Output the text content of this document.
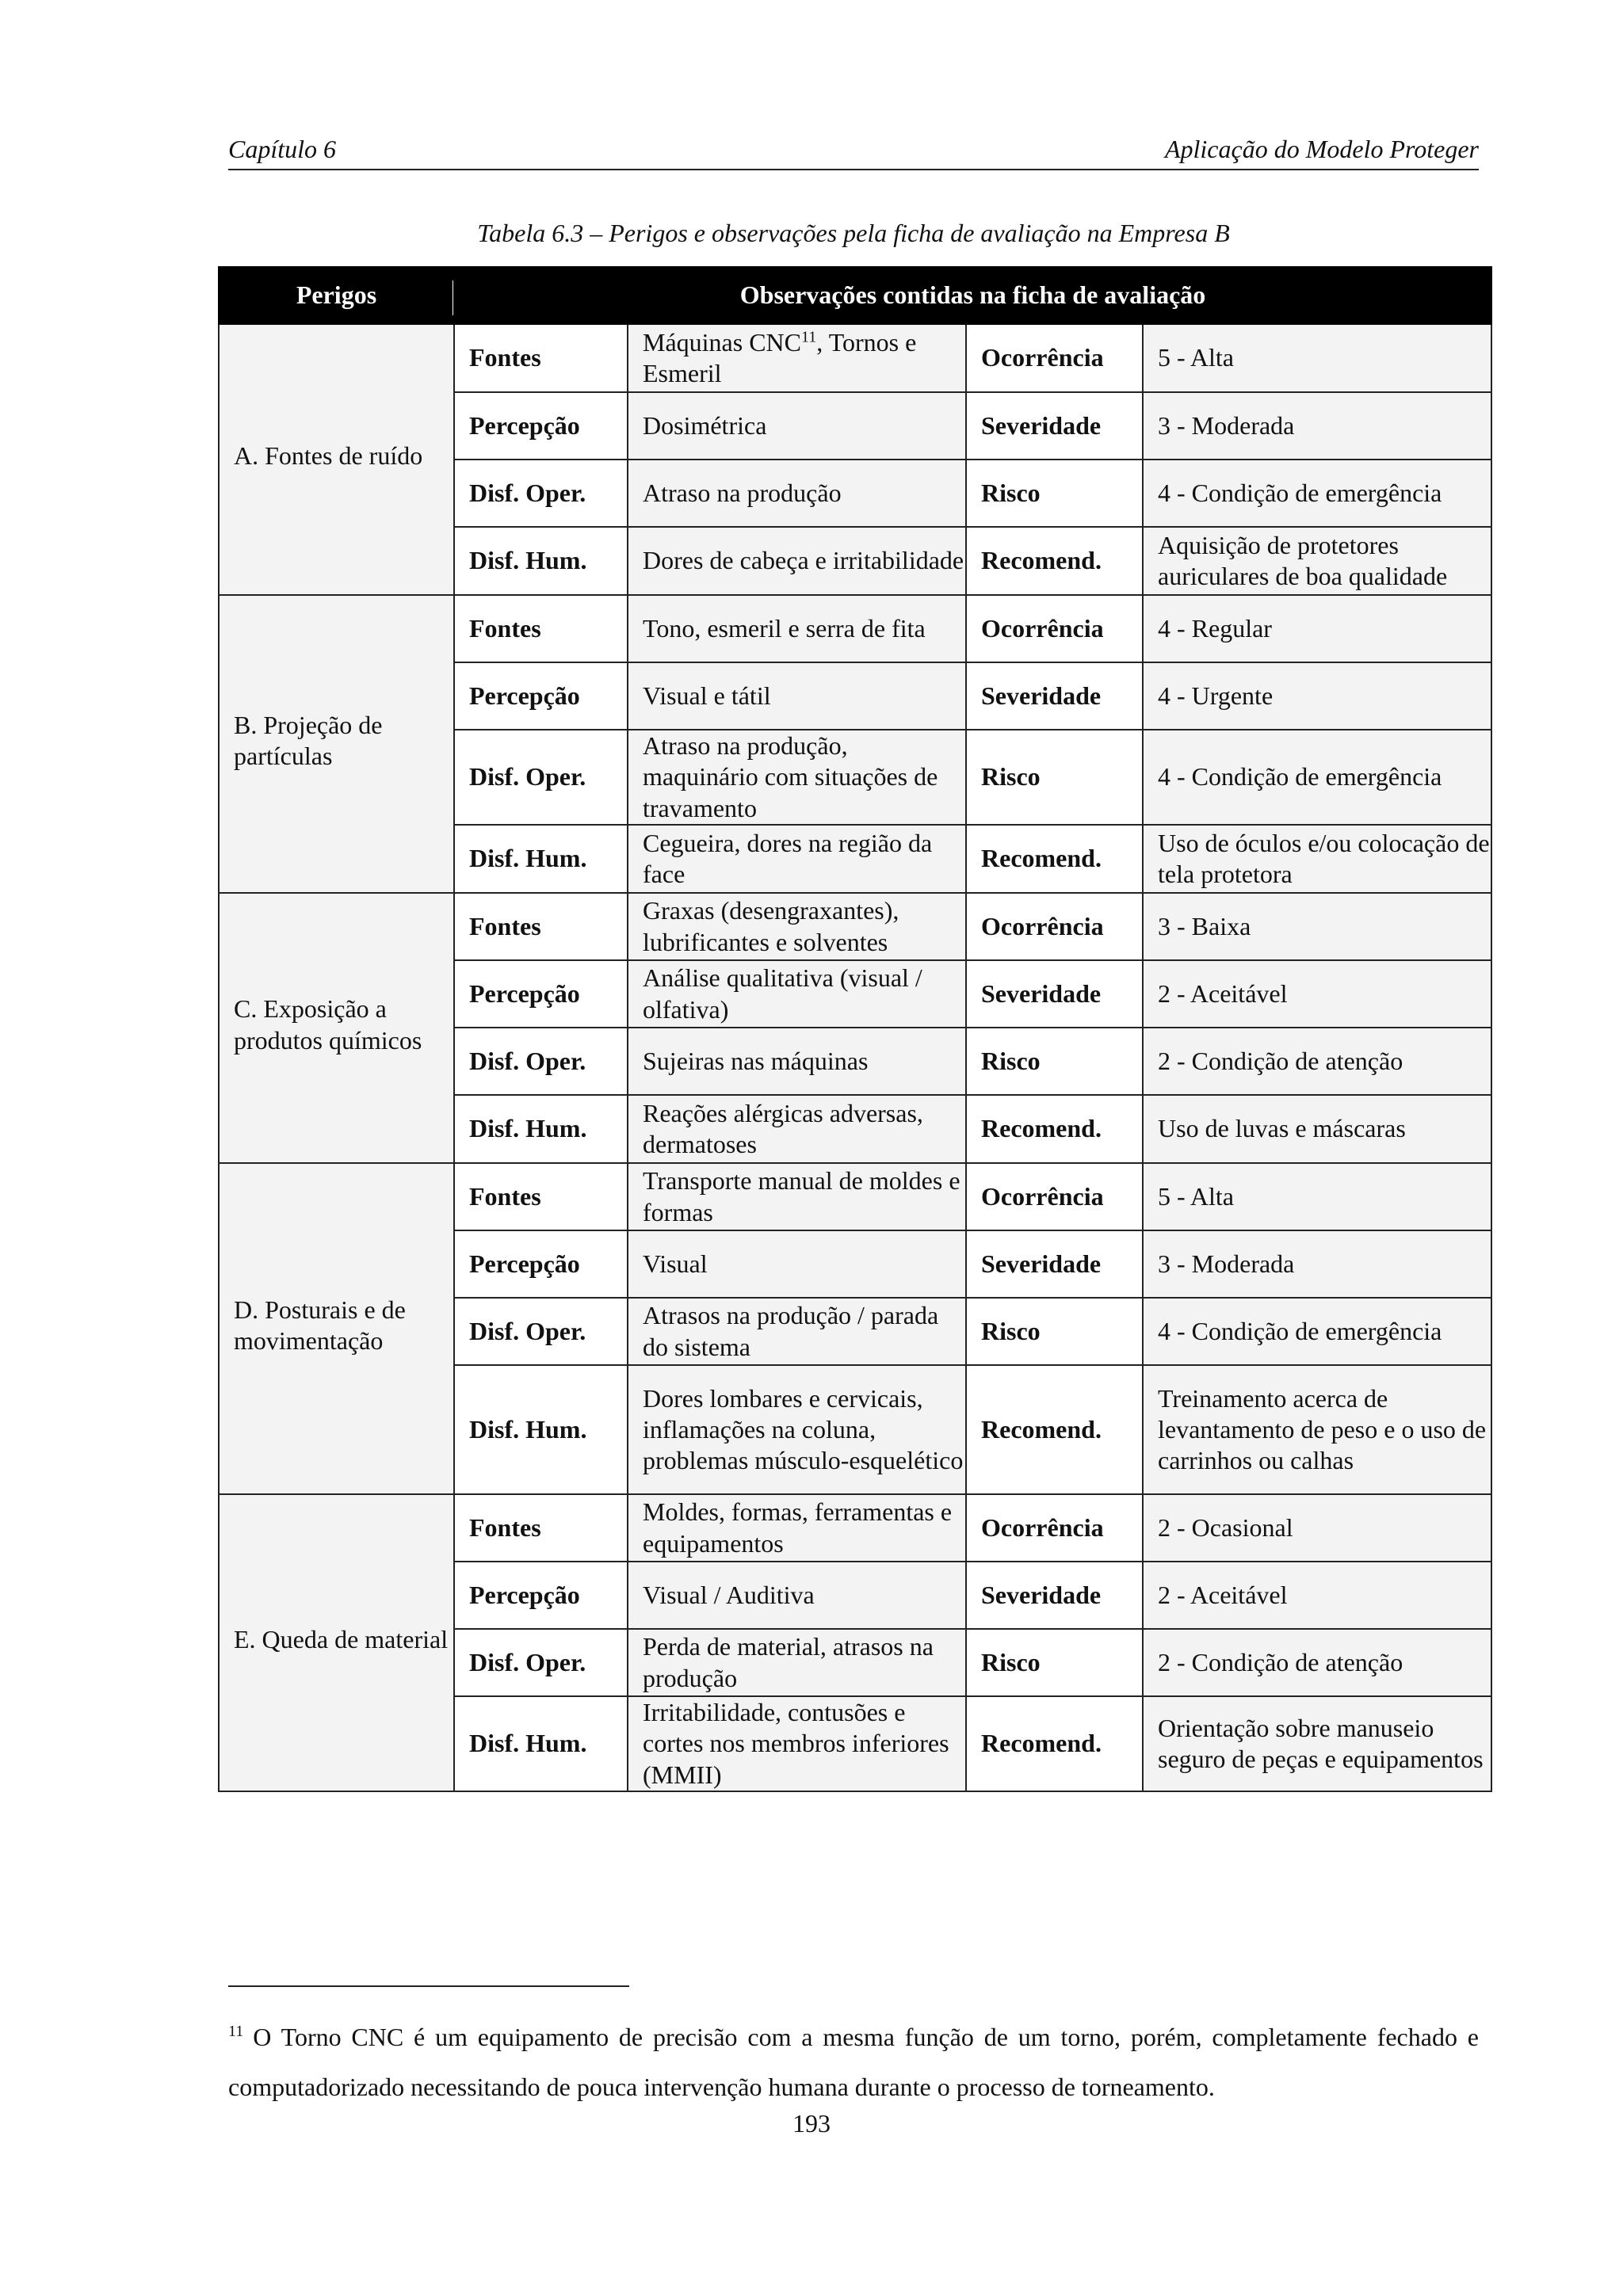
Capítulo 6	Aplicação do Modelo Proteger
Tabela 6.3 – Perigos e observações pela ficha de avaliação na Empresa B
Perigos	Observações contidas na ficha de avaliação			

A. Fontes de ruído	Fontes	Máquinas CNC$^{11}$, Tornos e Esmeril	Ocorrência	5 - Alta
	Percepção	Dosimétrica	Severidade	3 - Moderada
	Disf. Oper.	Atraso na produção	Risco	4 - Condição de emergência
	Disf. Hum.	Dores de cabeça e irritabilidade	Recomend.	Aquisição de protetores auriculares de boa qualidade

B. Projeção de partículas	Fontes	Tono, esmeril e serra de fita	Ocorrência	4 - Regular
	Percepção	Visual e tátil	Severidade	4 - Urgente
	Disf. Oper.	Atraso na produção, maquinário com situações de travamento	Risco	4 - Condição de emergência
	Disf. Hum.	Cegueira, dores na região da face	Recomend.	Uso de óculos e/ou colocação de tela protetora

C. Exposição a produtos químicos	Fontes	Graxas (desengraxantes), lubrificantes e solventes	Ocorrência	3 - Baixa
	Percepção	Análise qualitativa (visual / olfativa)	Severidade	2 - Aceitável
	Disf. Oper.	Sujeiras nas máquinas	Risco	2 - Condição de atenção
	Disf. Hum.	Reações alérgicas adversas, dermatoses	Recomend.	Uso de luvas e máscaras

D. Posturais e de movimentação	Fontes	Transporte manual de moldes e formas	Ocorrência	5 - Alta
	Percepção	Visual	Severidade	3 - Moderada
	Disf. Oper.	Atrasos na produção / parada do sistema	Risco	4 - Condição de emergência
	Disf. Hum.	Dores lombares e cervicais, inflamações na coluna, problemas músculo-esquelético	Recomend.	Treinamento acerca de levantamento de peso e o uso de carrinhos ou calhas

E. Queda de material	Fontes	Moldes, formas, ferramentas e equipamentos	Ocorrência	2 - Ocasional
	Percepção	Visual / Auditiva	Severidade	2 - Aceitável
	Disf. Oper.	Perda de material, atrasos na produção	Risco	2 - Condição de atenção
	Disf. Hum.	Irritabilidade, contusões e cortes nos membros inferiores (MMII)	Recomend.	Orientação sobre manuseio seguro de peças e equipamentos
$^{11}$ O Torno CNC é um equipamento de precisão com a mesma função de um torno, porém, completamente fechado e computadorizado necessitando de pouca intervenção humana durante o processo de torneamento.
193
